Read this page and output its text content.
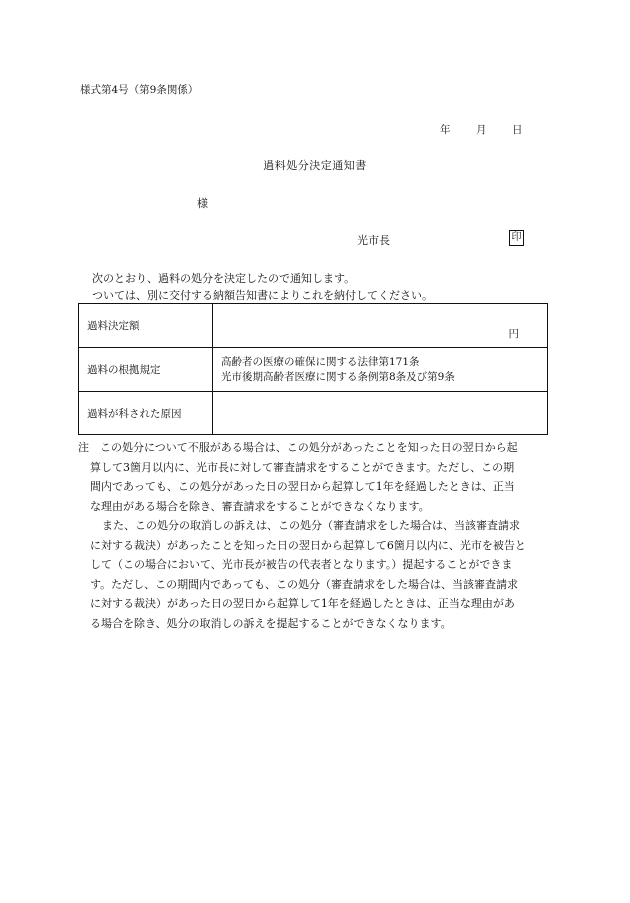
様式第4号（第9条関係）
年 月 日
過料処分決定通知書
様
光市長	印
次のとおり、過料の処分を決定したので通知します。
ついては、別に交付する納額告知書によりこれを納付してください。
過料決定額	円

過料の根拠規定	高齢者の医療の確保に関する法律第171条
光市後期高齢者医療に関する条例第8条及び第9条

過料が科された原因	
注　この処分について不服がある場合は、この処分があったことを知った日の翌日から起
算して3箇月以内に、光市長に対して審査請求をすることができます。ただし、この期
間内であっても、この処分があった日の翌日から起算して1年を経過したときは、正当
な理由がある場合を除き、審査請求をすることができなくなります。
また、この処分の取消しの訴えは、この処分（審査請求をした場合は、当該審査請求
に対する裁決）があったことを知った日の翌日から起算して6箇月以内に、光市を被告と
して（この場合において、光市長が被告の代表者となります。）提起することができま
す。ただし、この期間内であっても、この処分（審査請求をした場合は、当該審査請求
に対する裁決）があった日の翌日から起算して1年を経過したときは、正当な理由があ
る場合を除き、処分の取消しの訴えを提起することができなくなります。
